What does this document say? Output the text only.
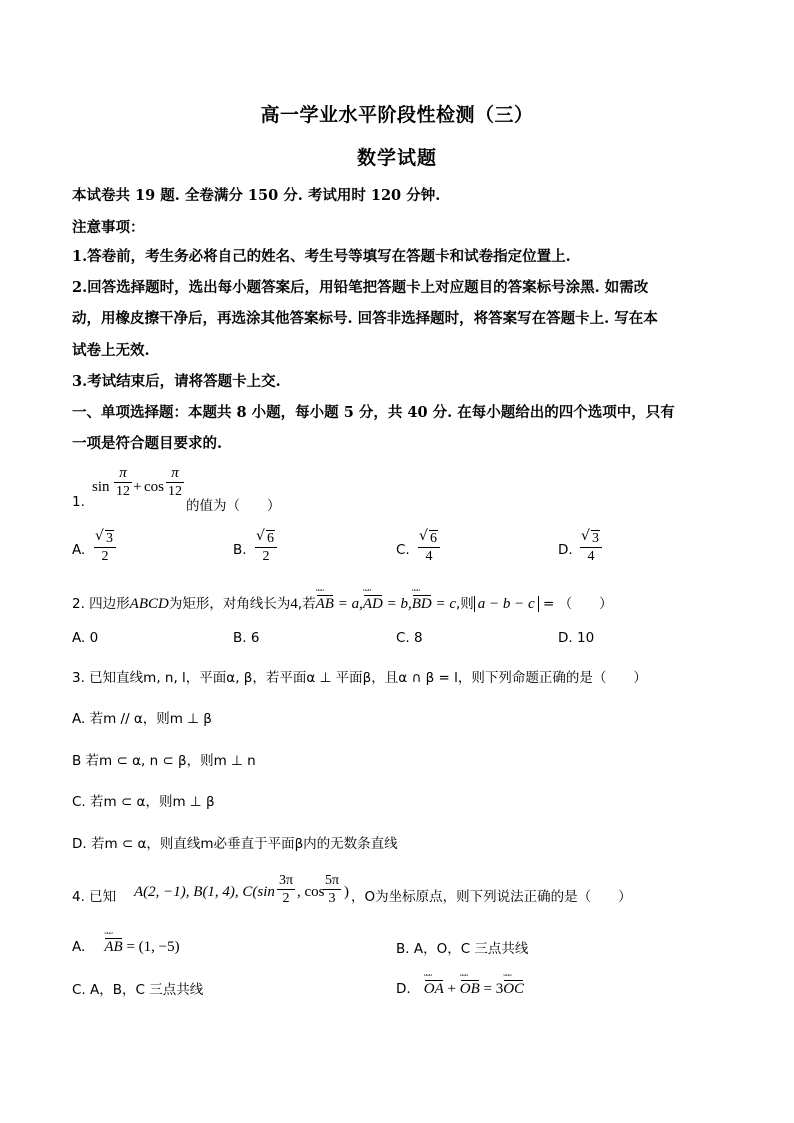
高一学业水平阶段性检测（三）
数学试题
本试卷共 19 题. 全卷满分 150 分. 考试用时 120 分钟.
注意事项：
1.答卷前，考生务必将自己的姓名、考生号等填写在答题卡和试卷指定位置上.
2.回答选择题时，选出每小题答案后，用铅笔把答题卡上对应题目的答案标号涂黑. 如需改
动，用橡皮擦干净后，再选涂其他答案标号. 回答非选择题时，将答案写在答题卡上. 写在本
试卷上无效.
3.考试结束后，请将答题卡上交.
一、单项选择题：本题共 8 小题，每小题 5 分，共 40 分. 在每小题给出的四个选项中，只有
一项是符合题目要求的.
1.
$\sin \frac{\pi}{12} + \cos \frac{\pi}{12}$
的值为（　　）
A. √ $\frac{3}{2}$	B. √ $\frac{6}{2}$	C. √ $\frac{6}{4}$	D. √ $\frac{3}{4}$
2. 四边形ABCD为矩形，对角线长为4,若AB ᴗᴗᴗ = a,AD ᴗᴗᴗ = b,BD ᴗᴗᴗ = c,则 a − b − c = （　　）
A. 0	B. 6	C. 8	D. 10
3. 已知直线m, n, l，平面α, β，若平面α ⊥ 平面β，且α ∩ β = l，则下列命题正确的是（　　）
A. 若m // α，则m ⊥ β
B 若m ⊂ α, n ⊂ β，则m ⊥ n
C. 若m ⊂ α，则m ⊥ β
D. 若m ⊂ α，则直线m必垂直于平面β内的无数条直线
4. 已知 A(2, −1), B(1, 4), $C(\sin \frac{3\pi}{2}$ , cos
$\frac{5\pi}{3}$ ) ，O为坐标原点，则下列说法正确的是（　　）
A. AB ᴗᴗᴗ = (1, −5)	B. A，O，C 三点共线
C. A，B，C 三点共线	D. OA ᴗᴗᴗ + OB ᴗᴗᴗ = 3OC ᴗᴗᴗ
